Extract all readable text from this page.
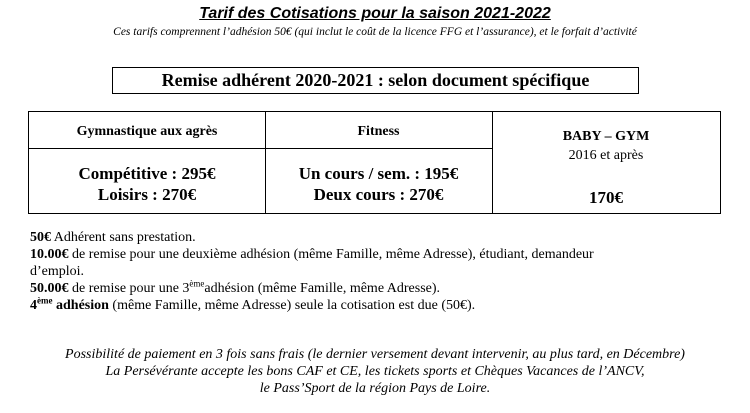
Tarif des Cotisations pour la saison 2021-2022
Ces tarifs comprennent l’adhésion 50€ (qui inclut le coût de la licence FFG et l’assurance), et le forfait d’activité
Remise adhérent 2020-2021 : selon document spécifique
Gymnastique aux agrès	Fitness
Compétitive : 295€
Loisirs : 270€
Un cours / sem. : 195€
Deux cours : 270€
BABY – GYM
2016 et après
170€

50€ Adhérent sans prestation.

10.00€ de remise pour une deuxième adhésion (même Famille, même Adresse), étudiant, demandeur

d’emploi.

50.00€ de remise pour une 3èmeadhésion (même Famille, même Adresse).

4ème adhésion (même Famille, même Adresse) seule la cotisation est due (50€).

Possibilité de paiement en 3 fois sans frais (le dernier versement devant intervenir, au plus tard, en Décembre)

La Persévérante accepte les bons CAF et CE, les tickets sports et Chèques Vacances de l’ANCV,

le Pass’Sport de la région Pays de Loire.
